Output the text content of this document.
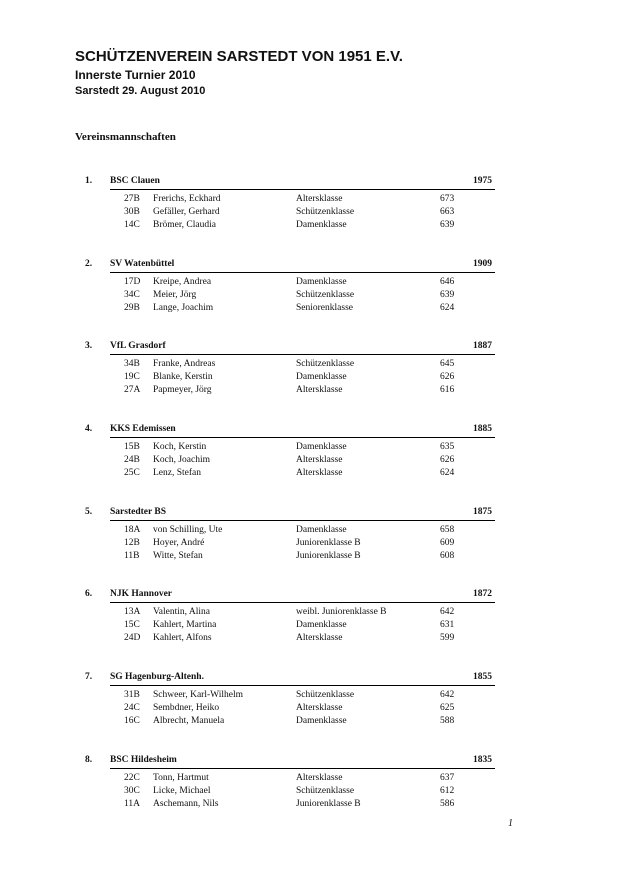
SCHÜTZENVEREIN SARSTEDT VON 1951 E.V.
Innerste Turnier 2010
Sarstedt 29. August 2010
Vereinsmannschaften
1. BSC Clauen	1975
27B Frerichs, Eckhard	Altersklasse	673
30B Gefäller, Gerhard	Schützenklasse	663
14C Brömer, Claudia	Damenklasse	639
2. SV Watenbüttel	1909
17D Kreipe, Andrea	Damenklasse	646
34C Meier, Jörg	Schützenklasse	639
29B Lange, Joachim	Seniorenklasse	624
3. VfL Grasdorf	1887
34B Franke, Andreas	Schützenklasse	645
19C Blanke, Kerstin	Damenklasse	626
27A Papmeyer, Jörg	Altersklasse	616
4. KKS Edemissen	1885
15B Koch, Kerstin	Damenklasse	635
24B Koch, Joachim	Altersklasse	626
25C Lenz, Stefan	Altersklasse	624
5. Sarstedter BS	1875
18A von Schilling, Ute	Damenklasse	658
12B Hoyer, André	Juniorenklasse B	609
11B Witte, Stefan	Juniorenklasse B	608
6. NJK Hannover	1872
13A Valentin, Alina	weibl. Juniorenklasse B	642
15C Kahlert, Martina	Damenklasse	631
24D Kahlert, Alfons	Altersklasse	599
7. SG Hagenburg-Altenh.	1855
31B Schweer, Karl-Wilhelm	Schützenklasse	642
24C Sembdner, Heiko	Altersklasse	625
16C Albrecht, Manuela	Damenklasse	588
8. BSC Hildesheim	1835
22C Tonn, Hartmut	Altersklasse	637
30C Licke, Michael	Schützenklasse	612
11A Aschemann, Nils	Juniorenklasse B	586
1
